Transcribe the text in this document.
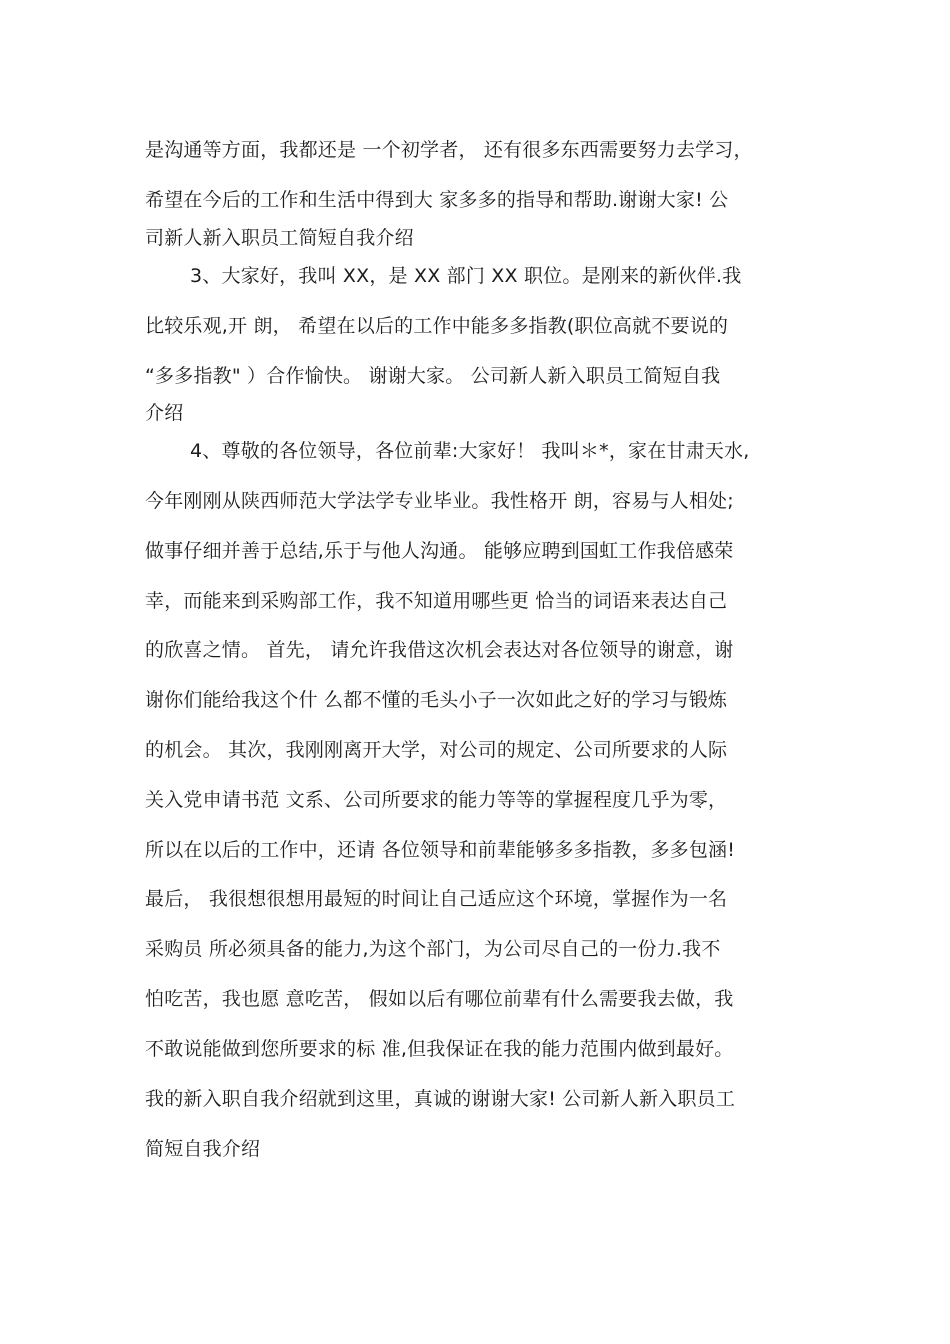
是沟通等方面，我都还是 一个初学者， 还有很多东西需要努力去学习，

希望在今后的工作和生活中得到大 家多多的指导和帮助.谢谢大家! 公

司新人新入职员工简短自我介绍

3、大家好，我叫 XX，是 XX 部门 XX 职位。是刚来的新伙伴.我

比较乐观,开 朗， 希望在以后的工作中能多多指教(职位高就不要说的

“多多指教" ）合作愉快。 谢谢大家。 公司新人新入职员工简短自我

介绍

4、尊敬的各位领导，各位前辈:大家好！ 我叫＊*，家在甘肃天水,

今年刚刚从陕西师范大学法学专业毕业。我性格开 朗，容易与人相处;

做事仔细并善于总结,乐于与他人沟通。 能够应聘到国虹工作我倍感荣

幸，而能来到采购部工作，我不知道用哪些更 恰当的词语来表达自己

的欣喜之情。 首先， 请允许我借这次机会表达对各位领导的谢意，谢

谢你们能给我这个什 么都不懂的毛头小子一次如此之好的学习与锻炼

的机会。 其次，我刚刚离开大学，对公司的规定、公司所要求的人际

关入党申请书范 文系、公司所要求的能力等等的掌握程度几乎为零，

所以在以后的工作中，还请 各位领导和前辈能够多多指教，多多包涵!

最后， 我很想很想用最短的时间让自己适应这个环境，掌握作为一名

采购员 所必须具备的能力,为这个部门，为公司尽自己的一份力.我不

怕吃苦，我也愿 意吃苦， 假如以后有哪位前辈有什么需要我去做，我

不敢说能做到您所要求的标 准,但我保证在我的能力范围内做到最好。

我的新入职自我介绍就到这里，真诚的谢谢大家! 公司新人新入职员工

简短自我介绍
